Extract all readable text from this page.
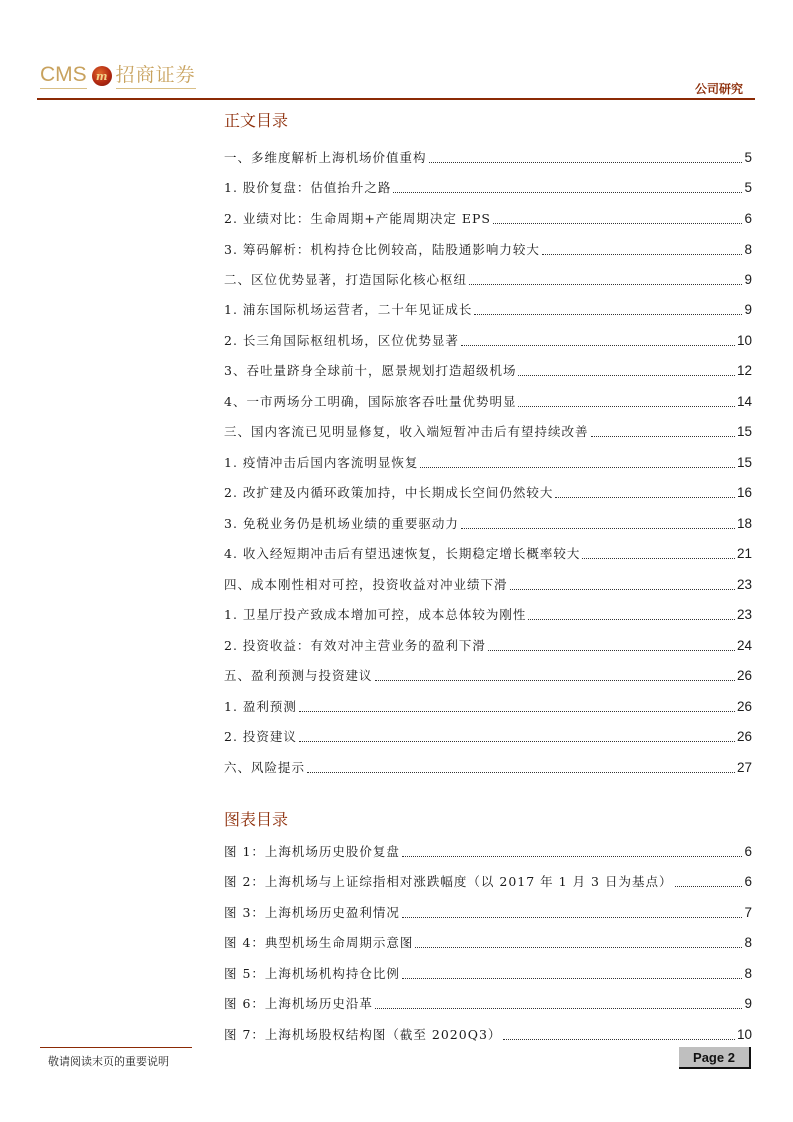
CMS m 招商证券
公司研究
正文目录
一、多维度解析上海机场价值重构	5
1. 股价复盘：估值抬升之路	5
2. 业绩对比：生命周期+产能周期决定 EPS	6
3. 筹码解析：机构持仓比例较高，陆股通影响力较大	8
二、区位优势显著，打造国际化核心枢纽	9
1. 浦东国际机场运营者，二十年见证成长	9
2. 长三角国际枢纽机场，区位优势显著	10
3、吞吐量跻身全球前十，愿景规划打造超级机场	12
4、一市两场分工明确，国际旅客吞吐量优势明显	14
三、国内客流已见明显修复，收入端短暂冲击后有望持续改善	15
1. 疫情冲击后国内客流明显恢复	15
2. 改扩建及内循环政策加持，中长期成长空间仍然较大	16
3. 免税业务仍是机场业绩的重要驱动力	18
4. 收入经短期冲击后有望迅速恢复，长期稳定增长概率较大	21
四、成本刚性相对可控，投资收益对冲业绩下滑	23
1. 卫星厅投产致成本增加可控，成本总体较为刚性	23
2. 投资收益：有效对冲主营业务的盈利下滑	24
五、盈利预测与投资建议	26
1. 盈利预测	26
2. 投资建议	26
六、风险提示	27
图表目录
图 1：上海机场历史股价复盘	6
图 2：上海机场与上证综指相对涨跌幅度（以 2017 年 1 月 3 日为基点）	6
图 3：上海机场历史盈利情况	7
图 4：典型机场生命周期示意图	8
图 5：上海机场机构持仓比例	8
图 6：上海机场历史沿革	9
图 7：上海机场股权结构图（截至 2020Q3）	10
敬请阅读末页的重要说明	Page 2
